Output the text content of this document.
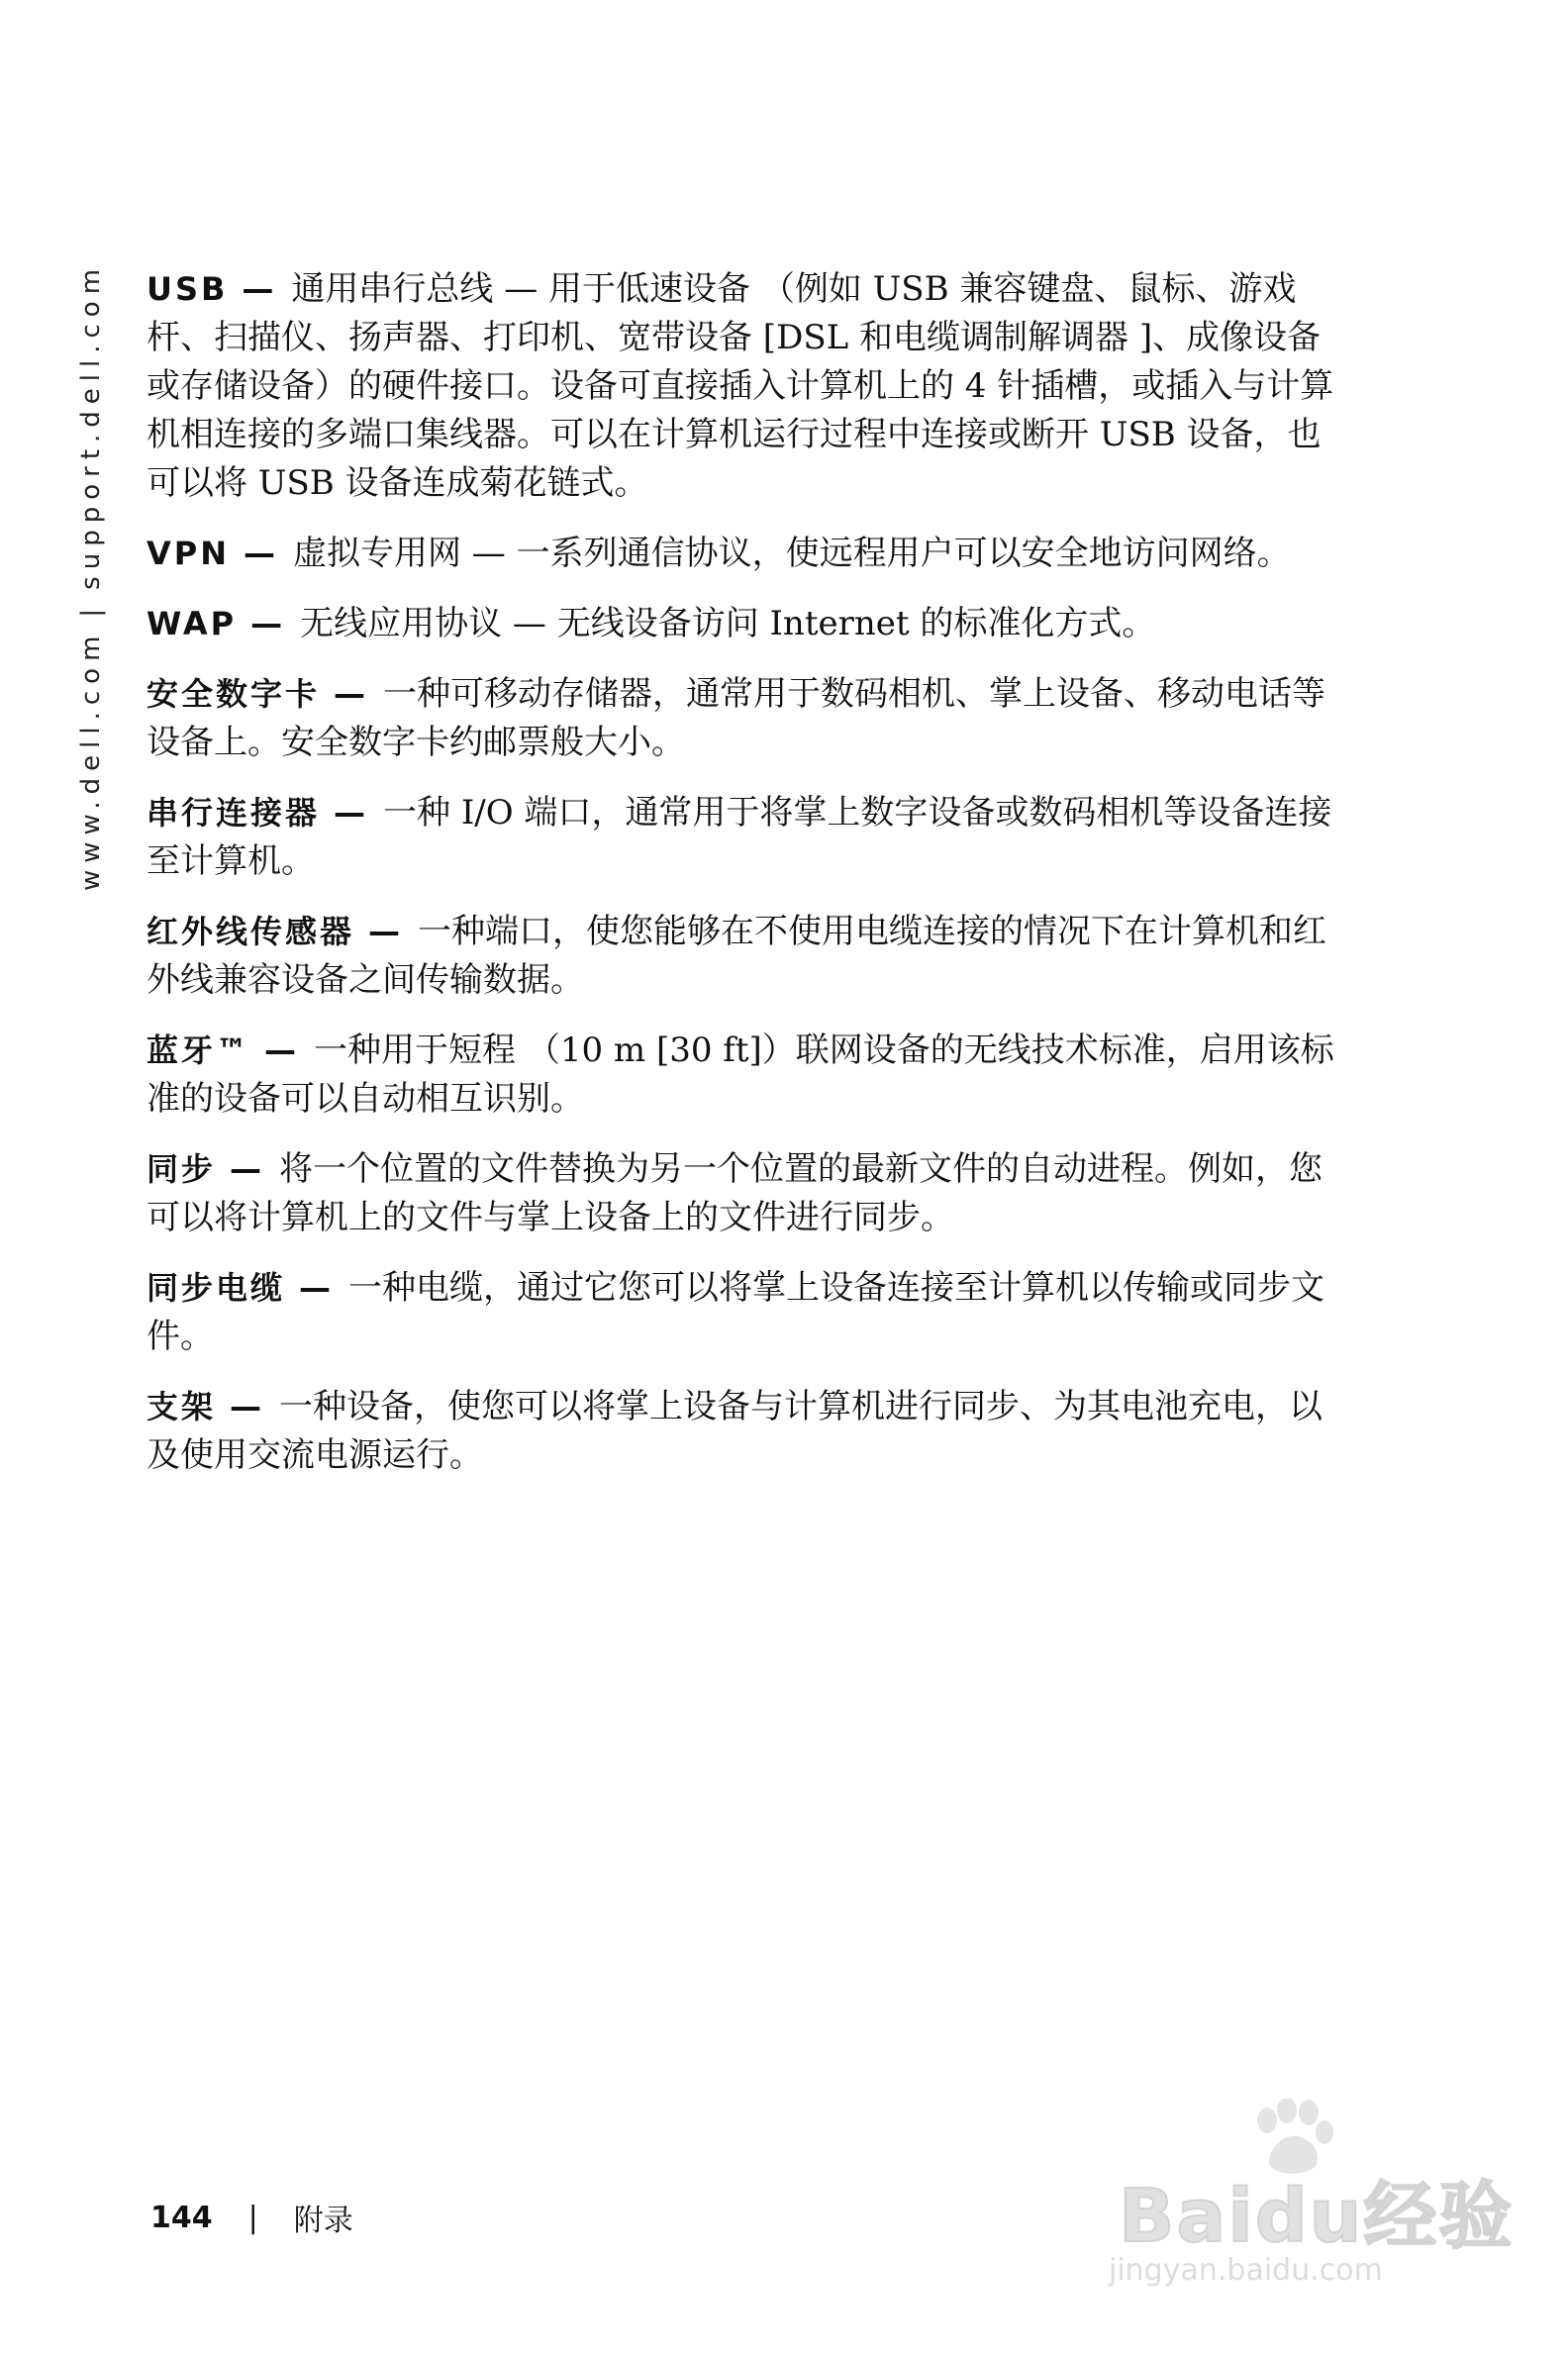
www.dell.com|support.dell.com USB — 通用串行总线 — 用于低速设备 （例如 USB 兼容键盘、鼠标、游戏杆、扫描仪、扬声器、打印机、宽带设备 [DSL 和电缆调制解调器 ]、成像设备或存储设备）的硬件接口。设备可直接插入计算机上的 4 针插槽，或插入与计算机相连接的多端口集线器。可以在计算机运行过程中连接或断开 USB 设备，也可以将 USB 设备连成菊花链式。

VPN — 虚拟专用网 — 一系列通信协议，使远程用户可以安全地访问网络。

WAP — 无线应用协议 — 无线设备访问 Internet 的标准化方式。

安全数字卡 — 一种可移动存储器，通常用于数码相机、掌上设备、移动电话等设备上。安全数字卡约邮票般大小。

串行连接器 — 一种 I/O 端口，通常用于将掌上数字设备或数码相机等设备连接至计算机。

红外线传感器 — 一种端口，使您能够在不使用电缆连接的情况下在计算机和红外线兼容设备之间传输数据。

蓝牙™ — 一种用于短程 （10 m [30 ft]）联网设备的无线技术标准，启用该标准的设备可以自动相互识别。

同步 — 将一个位置的文件替换为另一个位置的最新文件的自动进程。例如，您可以将计算机上的文件与掌上设备上的文件进行同步。

同步电缆 — 一种电缆，通过它您可以将掌上设备连接至计算机以传输或同步文件。

支架 — 一种设备，使您可以将掌上设备与计算机进行同步、为其电池充电，以及使用交流电源运行。

144 | 附录	Baidu经验
jingyan.baidu.com
